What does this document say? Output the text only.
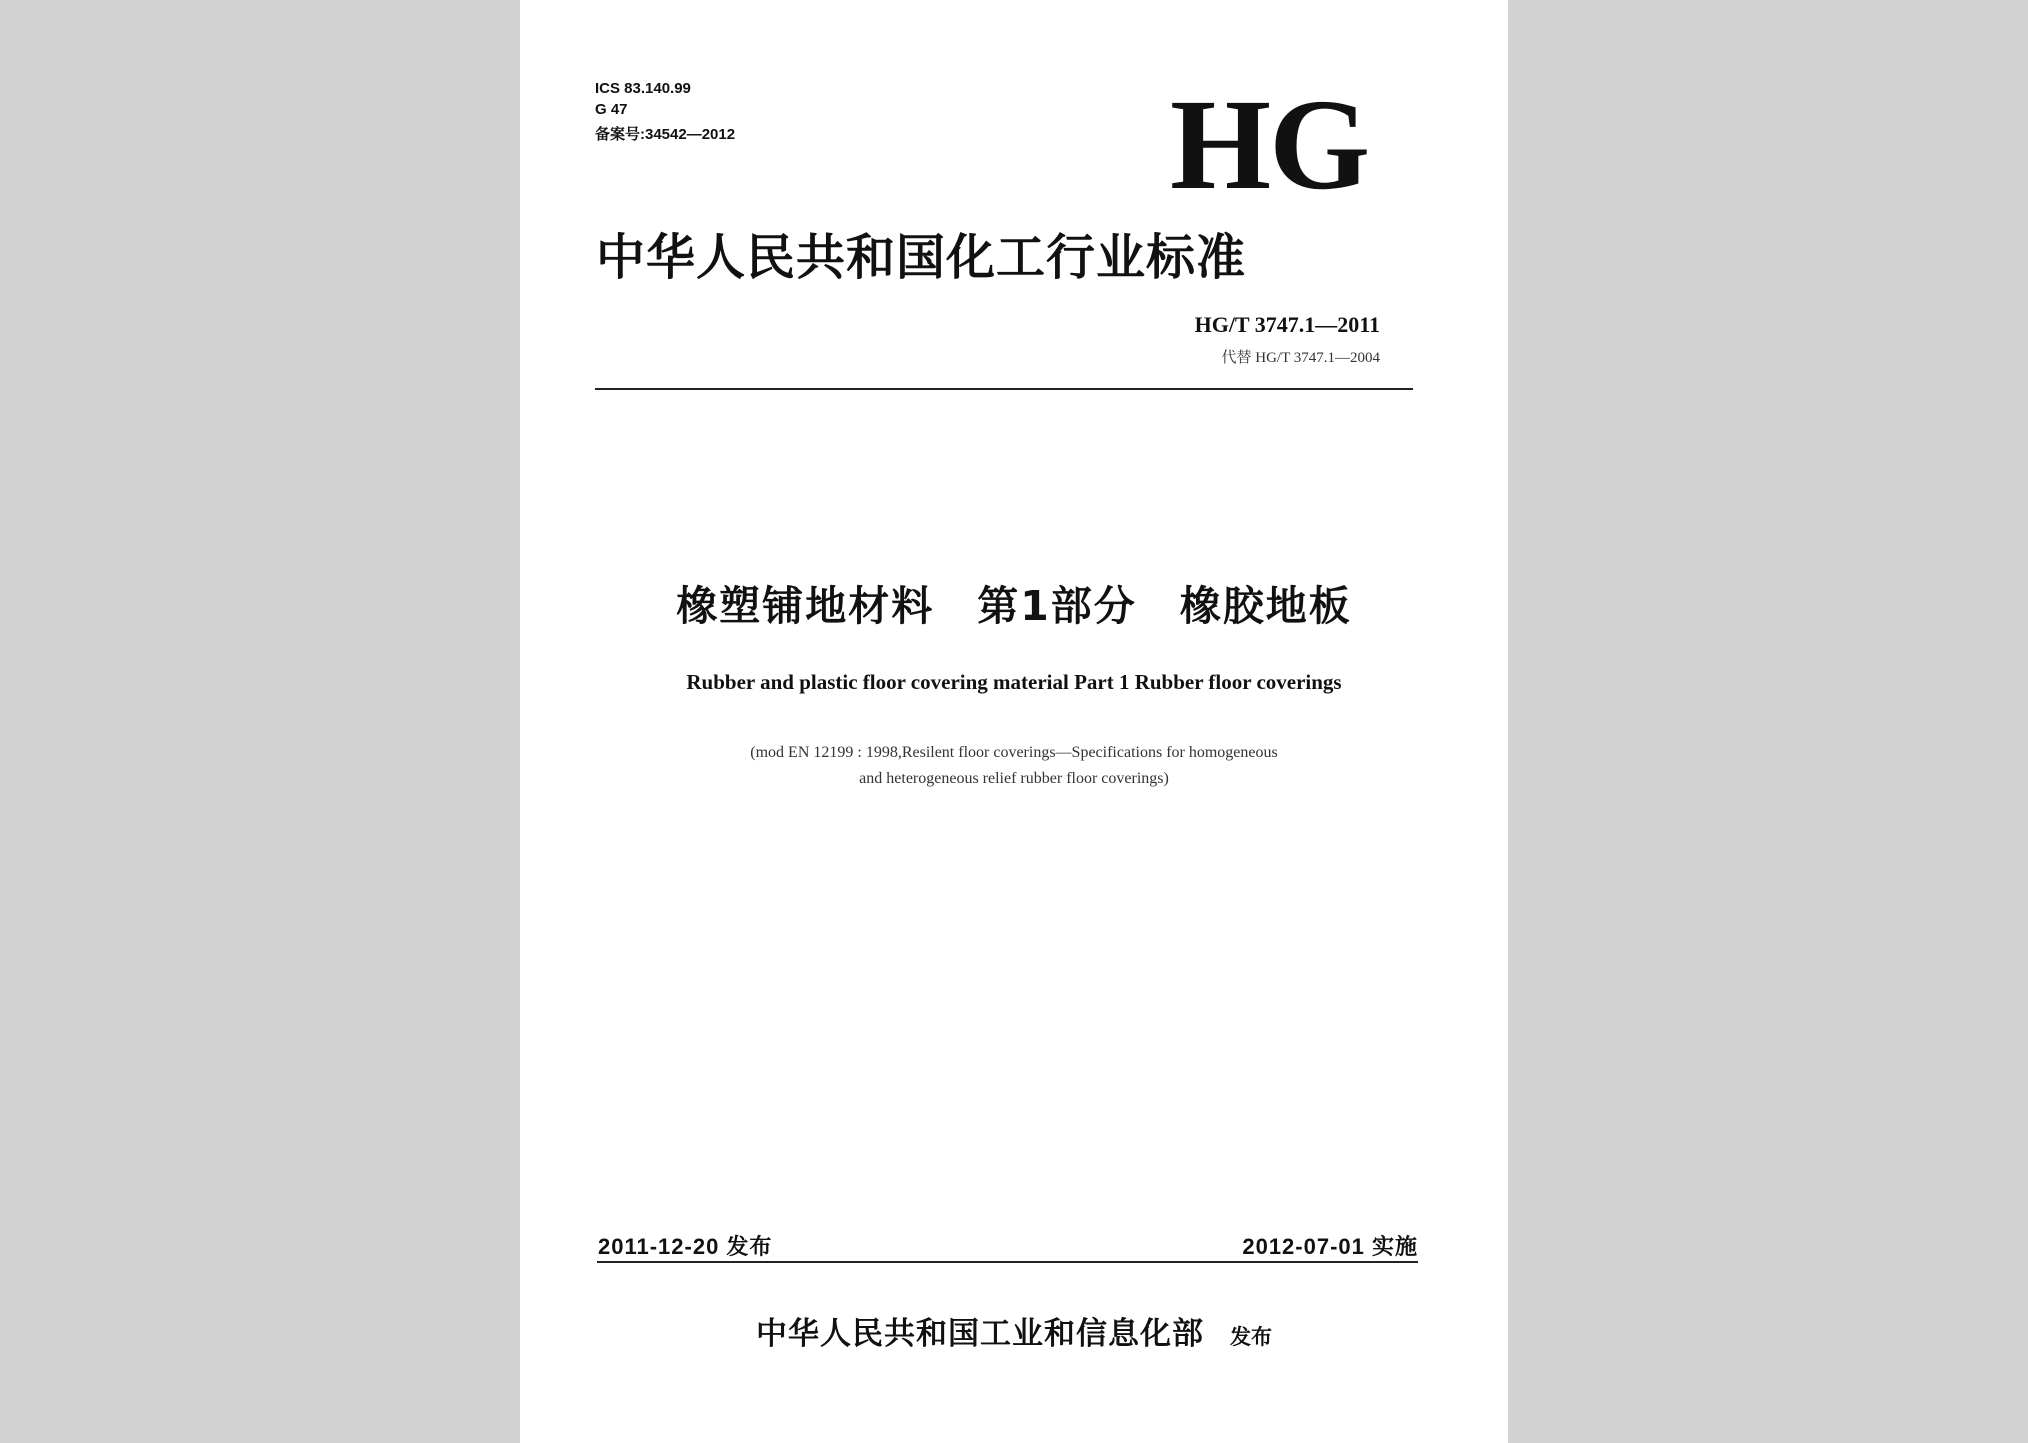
ICS 83.140.99
G 47
备案号:34542—2012	HG
中华人民共和国化工行业标准
HG/T 3747.1—2011
代替 HG/T 3747.1—2004
橡塑铺地材料　第1部分　橡胶地板
Rubber and plastic floor covering material Part 1 Rubber floor coverings
(mod EN 12199 : 1998,Resilent floor coverings—Specifications for homogeneous
and heterogeneous relief rubber floor coverings)
2011-12-20 发布	2012-07-01 实施
中华人民共和国工业和信息化部 发布
